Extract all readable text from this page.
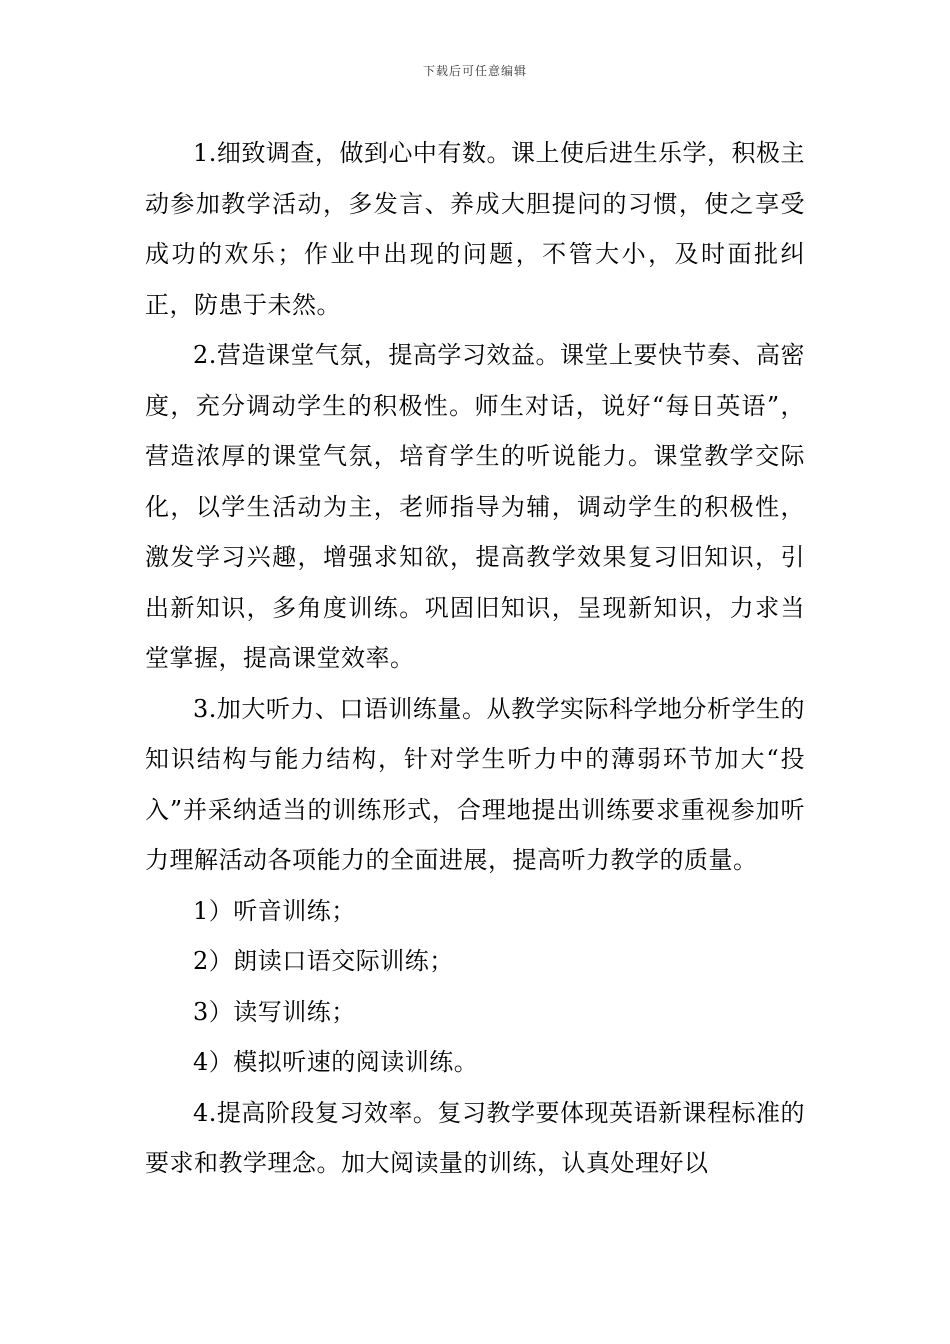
下载后可任意编辑

1.细致调查，做到心中有数。课上使后进生乐学，积极主动参加教学活动，多发言、养成大胆提问的习惯，使之享受成功的欢乐；作业中出现的问题，不管大小，及时面批纠正，防患于未然。

2.营造课堂气氛，提高学习效益。课堂上要快节奏、高密度，充分调动学生的积极性。师生对话，说好“每日英语”，营造浓厚的课堂气氛，培育学生的听说能力。课堂教学交际化，以学生活动为主，老师指导为辅，调动学生的积极性，激发学习兴趣，增强求知欲，提高教学效果复习旧知识，引出新知识，多角度训练。巩固旧知识，呈现新知识，力求当堂掌握，提高课堂效率。

3.加大听力、口语训练量。从教学实际科学地分析学生的知识结构与能力结构，针对学生听力中的薄弱环节加大“投入”并采纳适当的训练形式，合理地提出训练要求重视参加听力理解活动各项能力的全面进展，提高听力教学的质量。

1）听音训练；

2）朗读口语交际训练；

3）读写训练；

4）模拟听速的阅读训练。

4.提高阶段复习效率。复习教学要体现英语新课程标准的要求和教学理念。加大阅读量的训练，认真处理好以
